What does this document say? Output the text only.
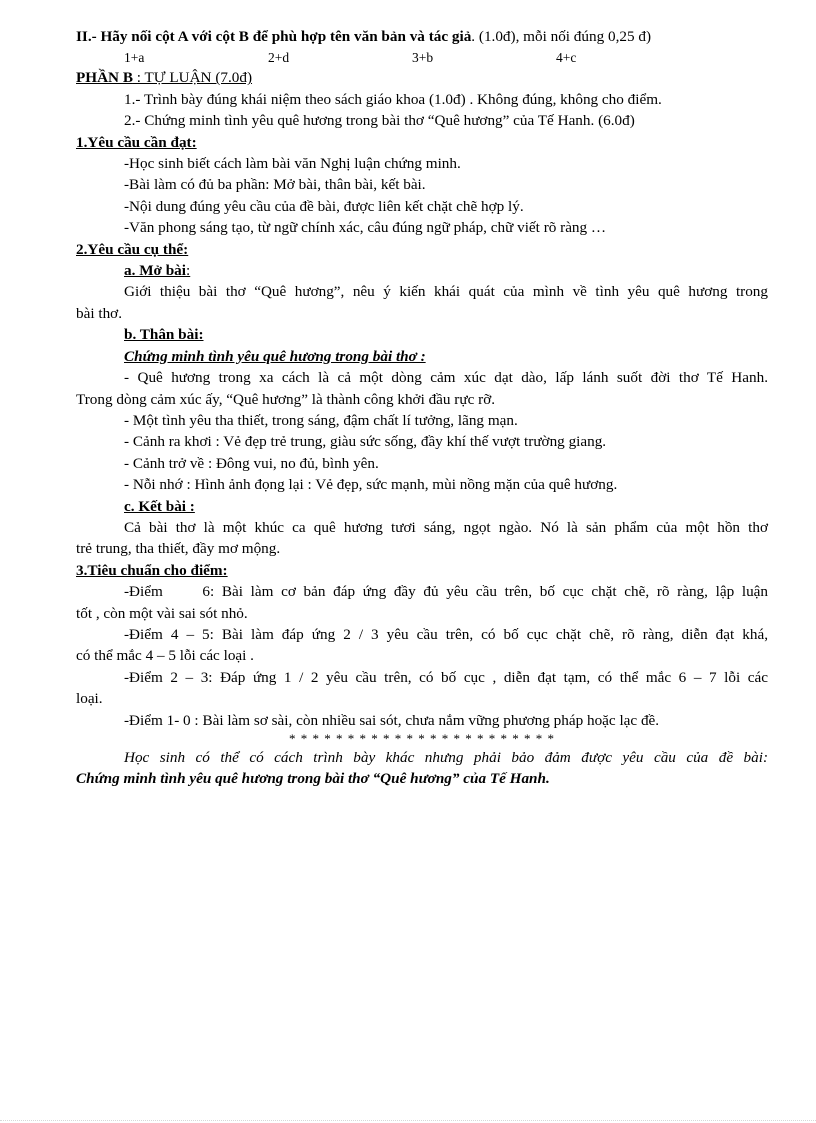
II.- Hãy nối cột A với cột B để phù hợp tên văn bản và tác giả. (1.0đ), mỗi nối đúng 0,25 đ)
1+a	2+d	3+b	4+c
PHẦN B : TỰ LUẬN (7.0đ)
1.- Trình bày đúng khái niệm theo sách giáo khoa (1.0đ) . Không đúng, không cho điểm.
2.- Chứng minh tình yêu quê hương trong bài thơ “Quê hương” của Tế Hanh. (6.0đ)
1.Yêu cầu cần đạt:
-Học sinh biết cách làm bài văn Nghị luận chứng minh.
-Bài làm có đủ ba phần: Mở bài, thân bài, kết bài.
-Nội dung đúng yêu cầu của đề bài, được liên kết chặt chẽ hợp lý.
-Văn phong sáng tạo, từ ngữ chính xác, câu đúng ngữ pháp, chữ viết rõ ràng …
2.Yêu cầu cụ thể:
a. Mở bài:
Giới thiệu bài thơ “Quê hương”, nêu ý kiến khái quát của mình về tình yêu quê hương trong
bài thơ.
b. Thân bài:
Chứng minh tình yêu quê hương trong bài thơ :
- Quê hương trong xa cách là cả một dòng cảm xúc dạt dào, lấp lánh suốt đời thơ Tế Hanh.
Trong dòng cảm xúc ấy, “Quê hương” là thành công khởi đầu rực rỡ.
- Một tình yêu tha thiết, trong sáng, đậm chất lí tưởng, lãng mạn.
- Cảnh ra khơi : Vẻ đẹp trẻ trung, giàu sức sống, đầy khí thế vượt trường giang.
- Cảnh trở về : Đông vui, no đủ, bình yên.
- Nỗi nhớ : Hình ảnh đọng lại : Vẻ đẹp, sức mạnh, mùi nồng mặn của quê hương.
c. Kết bài :
Cả bài thơ là một khúc ca quê hương tươi sáng, ngọt ngào. Nó là sản phẩm của một hồn thơ
trẻ trung, tha thiết, đầy mơ mộng.
3.Tiêu chuẩn cho điểm:
-Điểm 6: Bài làm cơ bản đáp ứng đầy đủ yêu cầu trên, bố cục chặt chẽ, rõ ràng, lập luận
tốt , còn một vài sai sót nhỏ.
-Điểm 4 – 5: Bài làm đáp ứng 2 / 3 yêu cầu trên, có bố cục chặt chẽ, rõ ràng, diễn đạt khá,
có thể mắc 4 – 5 lỗi các loại .
-Điểm 2 – 3: Đáp ứng 1 / 2 yêu cầu trên, có bố cục , diễn đạt tạm, có thể mắc 6 – 7 lỗi các
loại.
-Điểm 1- 0 : Bài làm sơ sài, còn nhiều sai sót, chưa nắm vững phương pháp hoặc lạc đề.
* * * * * * * * * * * * * * * * * * * * * * *
Học sinh có thể có cách trình bày khác nhưng phải bảo đảm được yêu cầu của đề bài:
Chứng minh tình yêu quê hương trong bài thơ “Quê hương” của Tế Hanh.
